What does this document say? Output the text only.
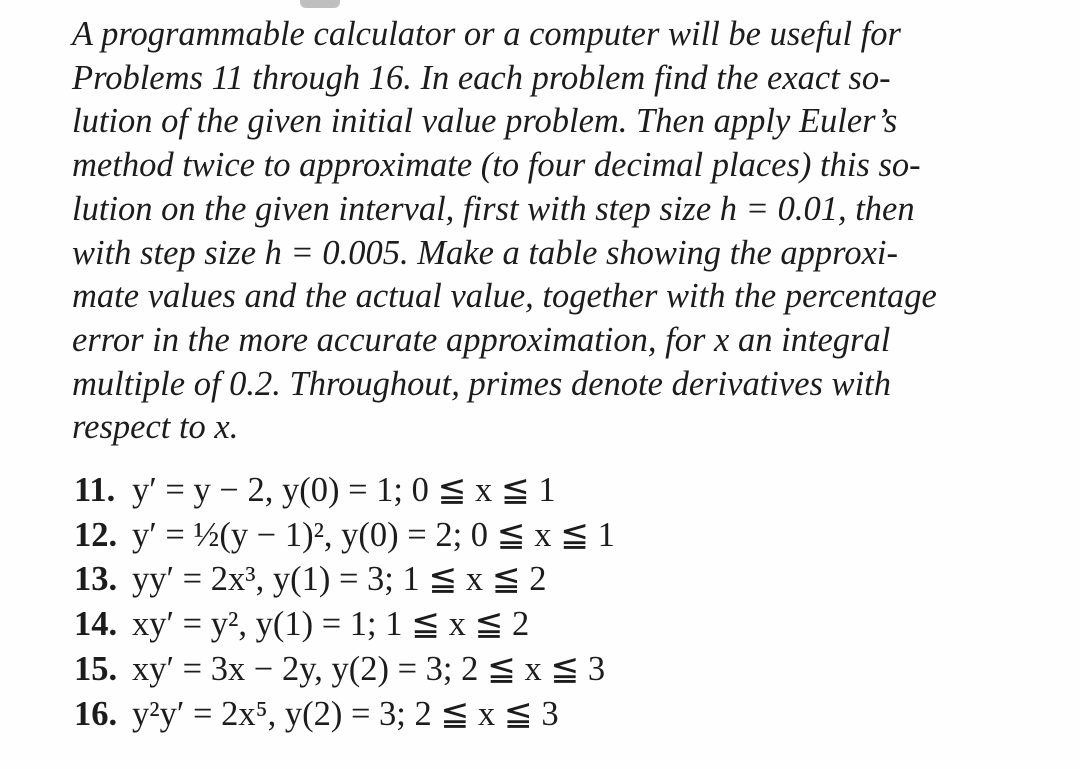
A programmable calculator or a computer will be useful for
Problems 11 through 16. In each problem find the exact so-
lution of the given initial value problem. Then apply Euler’s
method twice to approximate (to four decimal places) this so-
lution on the given interval, first with step size h = 0.01, then
with step size h = 0.005. Make a table showing the approxi-
mate values and the actual value, together with the percentage
error in the more accurate approximation, for x an integral
multiple of 0.2. Throughout, primes denote derivatives with
respect to x.

11. y′ = y − 2, y(0) = 1; 0 ≦ x ≦ 1
12. y′ = ½(y − 1)², y(0) = 2; 0 ≦ x ≦ 1
13. yy′ = 2x³, y(1) = 3; 1 ≦ x ≦ 2
14. xy′ = y², y(1) = 1; 1 ≦ x ≦ 2
15. xy′ = 3x − 2y, y(2) = 3; 2 ≦ x ≦ 3
16. y²y′ = 2x⁵, y(2) = 3; 2 ≦ x ≦ 3
